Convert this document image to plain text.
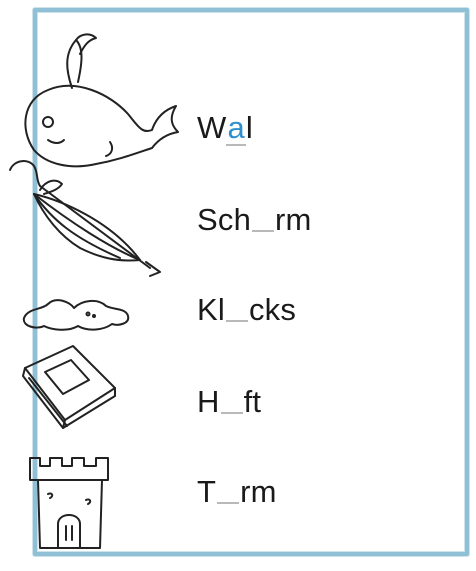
W a l
Sch rm
Kl cks
H ft
T rm
